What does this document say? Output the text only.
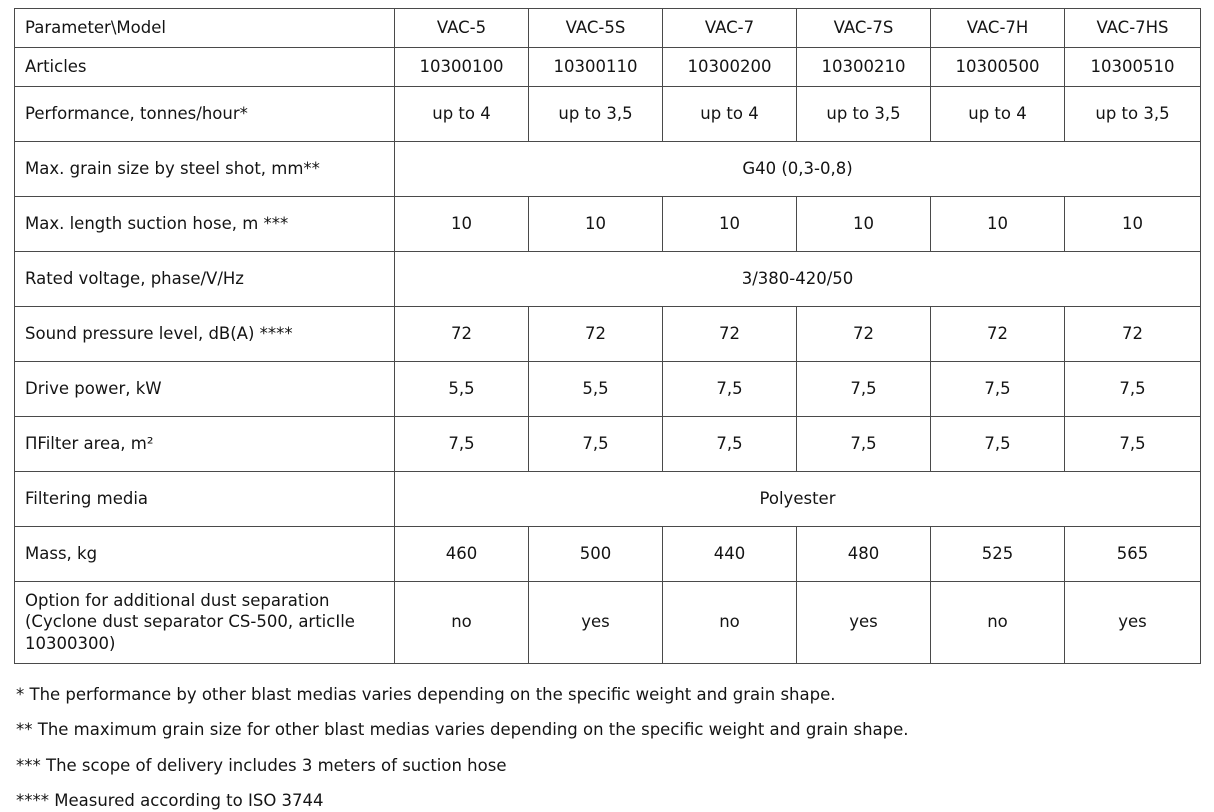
Parameter\Model	VAC-5	VAC-5S	VAC-7	VAC-7S	VAC-7H	VAC-7HS
Articles	10300100	10300110	10300200	10300210	10300500	10300510
Performance, tonnes/hour*	up to 4	up to 3,5	up to 4	up to 3,5	up to 4	up to 3,5
Max. grain size by steel shot, mm**	G40 (0,3-0,8)					
Max. length suction hose, m ***	10	10	10	10	10	10
Rated voltage, phase/V/Hz	3/380-420/50					
Sound pressure level, dB(A) ****	72	72	72	72	72	72
Drive power, kW	5,5	5,5	7,5	7,5	7,5	7,5
ПFilter area, m²	7,5	7,5	7,5	7,5	7,5	7,5
Filtering media	Polyester					
Mass, kg	460	500	440	480	525	565
Option for additional dust separation (Cyclone dust separator CS-500, articIle 10300300)	no	yes	no	yes	no	yes

* The performance by other blast medias varies depending on the specific weight and grain shape.

** The maximum grain size for other blast medias varies depending on the specific weight and grain shape.

*** The scope of delivery includes 3 meters of suction hose

**** Measured according to ISO 3744
